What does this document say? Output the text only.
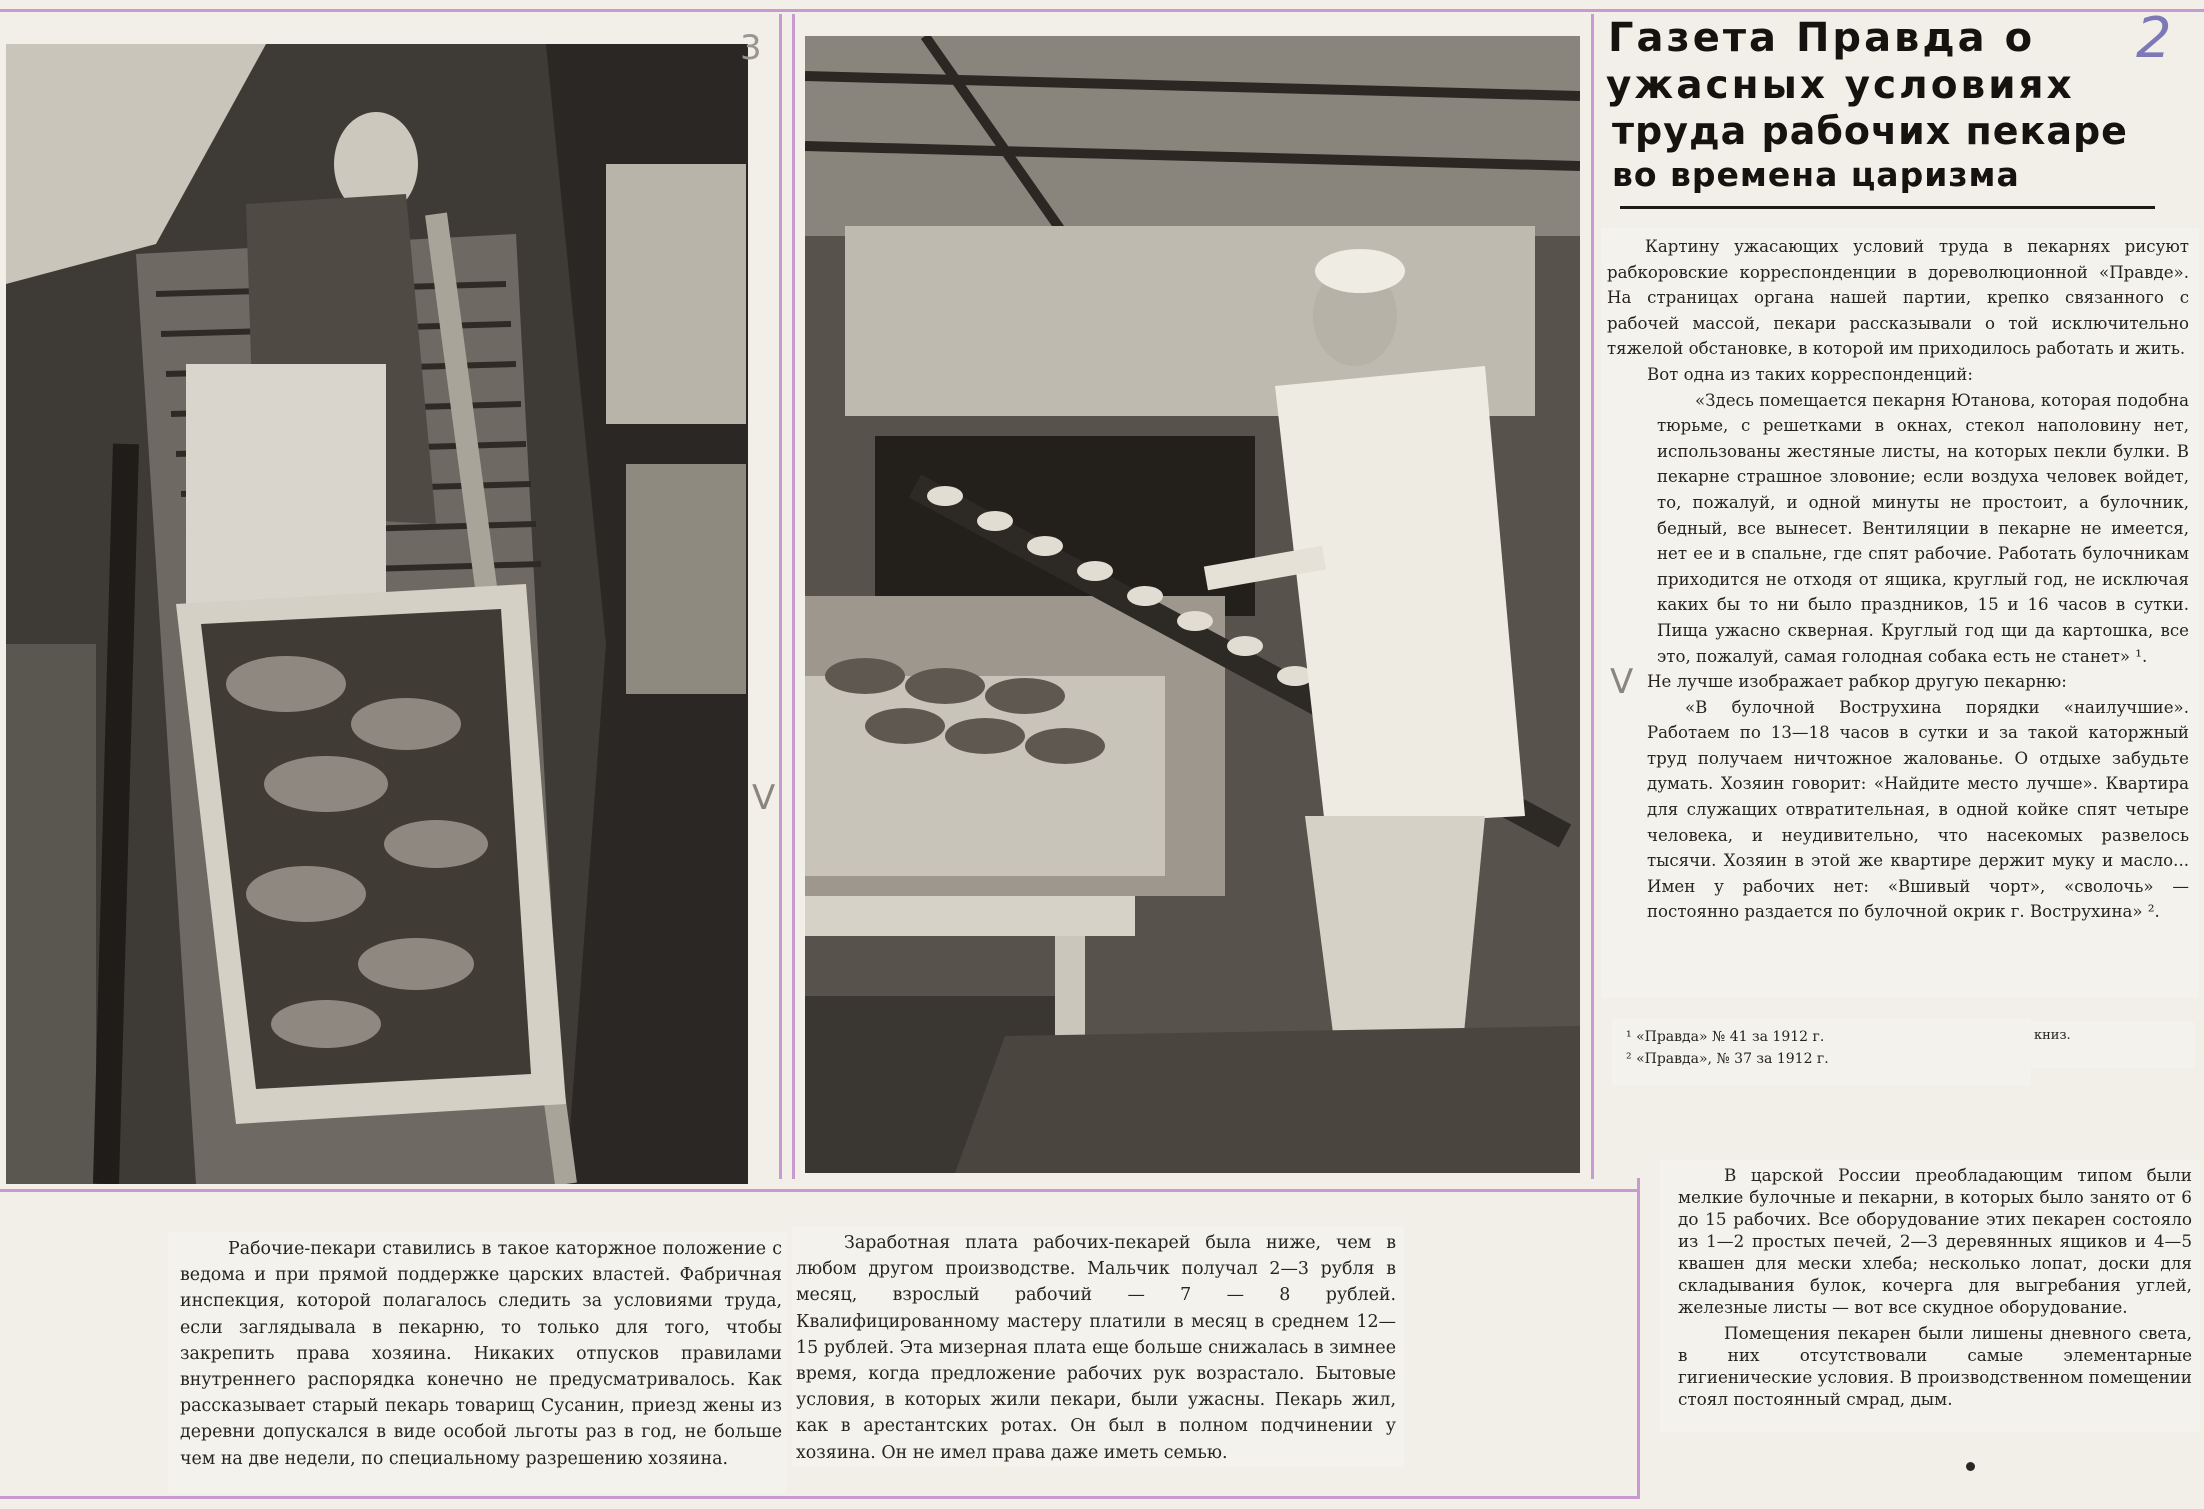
Газета Правда о
ужасных условиях
труда рабочих пекаре
во времена царизма
2

Картину ужасающих условий труда в пекарнях рисуют рабкоровские корреспонденции в дореволюционной «Правде». На страницах органа нашей партии, крепко связанного с рабочей массой, пекари рассказывали о той исключительно тяжелой обстановке, в которой им приходилось работать и жить.

Вот одна из таких корреспонденций:

«Здесь помещается пекарня Ютанова, которая подобна тюрьме, с решетками в окнах, стекол наполовину нет, использованы жестяные листы, на которых пекли булки. В пекарне страшное зловоние; если воздуха человек войдет, то, пожалуй, и одной минуты не простоит, а булочник, бедный, все вынесет. Вентиляции в пекарне не имеется, нет ее и в спальне, где спят рабочие. Работать булочникам приходится не отходя от ящика, круглый год, не исключая каких бы то ни было праздников, 15 и 16 часов в сутки. Пища ужасно скверная. Круглый год щи да картошка, все это, пожалуй, самая голодная собака есть не станет» ¹.

Не лучше изображает рабкор другую пекарню:

«В булочной Вострухина порядки «наилучшие». Работаем по 13—18 часов в сутки и за такой каторжный труд получаем ничтожное жалованье. О отдыхе забудьте думать. Хозяин говорит: «Найдите место лучше». Квартира для служащих отвратительная, в одной койке спят четыре человека, и неудивительно, что насекомых развелось тысячи. Хозяин в этой же квартире держит муку и масло... Имен у рабочих нет: «Вшивый чорт», «сволочь» — постоянно раздается по булочной окрик г. Вострухина» ².

¹ «Правда» № 41 за 1912 г.
² «Правда», № 37 за 1912 г.
книз.

Рабочие-пекари ставились в такое каторжное положение с ведома и при прямой поддержке царских властей. Фабричная инспекция, которой полагалось следить за условиями труда, если заглядывала в пекарню, то только для того, чтобы закрепить права хозяина. Никаких отпусков правилами внутреннего распорядка конечно не предусматривалось. Как рассказывает старый пекарь товарищ Сусанин, приезд жены из деревни допускался в виде особой льготы раз в год, не больше чем на две недели, по специальному разрешению хозяина.

Заработная плата рабочих-пекарей была ниже, чем в любом другом производстве. Мальчик получал 2—3 рубля в месяц, взрослый рабочий — 7 — 8 рублей. Квалифицированному мастеру платили в месяц в среднем 12—15 рублей. Эта мизерная плата еще больше снижалась в зимнее время, когда предложение рабочих рук возрастало. Бытовые условия, в которых жили пекари, были ужасны. Пекарь жил, как в арестантских ротах. Он был в полном подчинении у хозяина. Он не имел права даже иметь семью.

В царской России преобладающим типом были мелкие булочные и пекарни, в которых было занято от 6 до 15 рабочих. Все оборудование этих пекарен состояло из 1—2 простых печей, 2—3 деревянных ящиков и 4—5 квашен для мески хлеба; несколько лопат, доски для складывания булок, кочерга для выгребания углей, железные листы — вот все скудное оборудование.

Помещения пекарен были лишены дневного света, в них отсутствовали самые элементарные гигиенические условия. В производственном помещении стоял постоянный смрад, дым.

3
V
V
